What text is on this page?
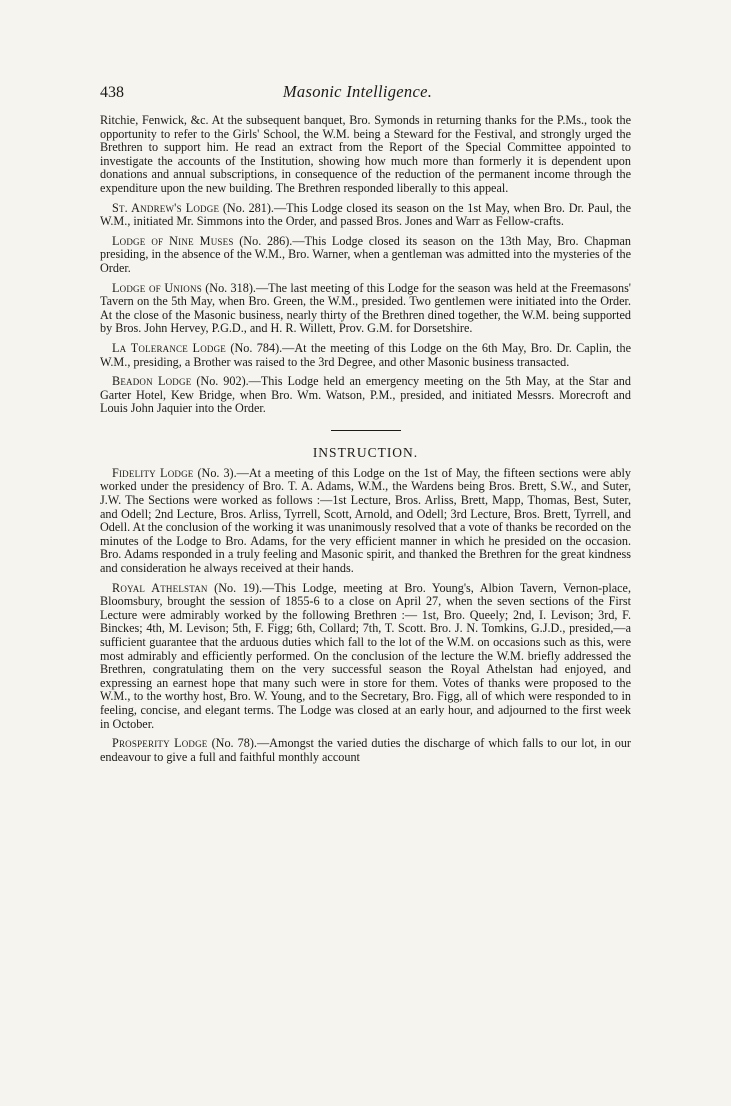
438	Masonic Intelligence.

Ritchie, Fenwick, &c. At the subsequent banquet, Bro. Symonds in returning thanks for the P.Ms., took the opportunity to refer to the Girls' School, the W.M. being a Steward for the Festival, and strongly urged the Brethren to support him. He read an extract from the Report of the Special Committee appointed to investigate the accounts of the Institution, showing how much more than formerly it is dependent upon donations and annual subscriptions, in consequence of the reduction of the permanent income through the expenditure upon the new building. The Brethren responded liberally to this appeal.

St. Andrew's Lodge (No. 281).—This Lodge closed its season on the 1st May, when Bro. Dr. Paul, the W.M., initiated Mr. Simmons into the Order, and passed Bros. Jones and Warr as Fellow-crafts.

Lodge of Nine Muses (No. 286).—This Lodge closed its season on the 13th May, Bro. Chapman presiding, in the absence of the W.M., Bro. Warner, when a gentleman was admitted into the mysteries of the Order.

Lodge of Unions (No. 318).—The last meeting of this Lodge for the season was held at the Freemasons' Tavern on the 5th May, when Bro. Green, the W.M., presided. Two gentlemen were initiated into the Order. At the close of the Masonic business, nearly thirty of the Brethren dined together, the W.M. being supported by Bros. John Hervey, P.G.D., and H. R. Willett, Prov. G.M. for Dorsetshire.

La Tolerance Lodge (No. 784).—At the meeting of this Lodge on the 6th May, Bro. Dr. Caplin, the W.M., presiding, a Brother was raised to the 3rd Degree, and other Masonic business transacted.

Beadon Lodge (No. 902).—This Lodge held an emergency meeting on the 5th May, at the Star and Garter Hotel, Kew Bridge, when Bro. Wm. Watson, P.M., presided, and initiated Messrs. Morecroft and Louis John Jaquier into the Order.

INSTRUCTION.

Fidelity Lodge (No. 3).—At a meeting of this Lodge on the 1st of May, the fifteen sections were ably worked under the presidency of Bro. T. A. Adams, W.M., the Wardens being Bros. Brett, S.W., and Suter, J.W. The Sections were worked as follows :—1st Lecture, Bros. Arliss, Brett, Mapp, Thomas, Best, Suter, and Odell; 2nd Lecture, Bros. Arliss, Tyrrell, Scott, Arnold, and Odell; 3rd Lecture, Bros. Brett, Tyrrell, and Odell. At the conclusion of the working it was unanimously resolved that a vote of thanks be recorded on the minutes of the Lodge to Bro. Adams, for the very efficient manner in which he presided on the occasion. Bro. Adams responded in a truly feeling and Masonic spirit, and thanked the Brethren for the great kindness and consideration he always received at their hands.

Royal Athelstan (No. 19).—This Lodge, meeting at Bro. Young's, Albion Tavern, Vernon-place, Bloomsbury, brought the session of 1855-6 to a close on April 27, when the seven sections of the First Lecture were admirably worked by the following Brethren :— 1st, Bro. Queely; 2nd, I. Levison; 3rd, F. Binckes; 4th, M. Levison; 5th, F. Figg; 6th, Collard; 7th, T. Scott. Bro. J. N. Tomkins, G.J.D., presided,—a sufficient guarantee that the arduous duties which fall to the lot of the W.M. on occasions such as this, were most admirably and efficiently performed. On the conclusion of the lecture the W.M. briefly addressed the Brethren, congratulating them on the very successful season the Royal Athelstan had enjoyed, and expressing an earnest hope that many such were in store for them. Votes of thanks were proposed to the W.M., to the worthy host, Bro. W. Young, and to the Secretary, Bro. Figg, all of which were responded to in feeling, concise, and elegant terms. The Lodge was closed at an early hour, and adjourned to the first week in October.

Prosperity Lodge (No. 78).—Amongst the varied duties the discharge of which falls to our lot, in our endeavour to give a full and faithful monthly account
